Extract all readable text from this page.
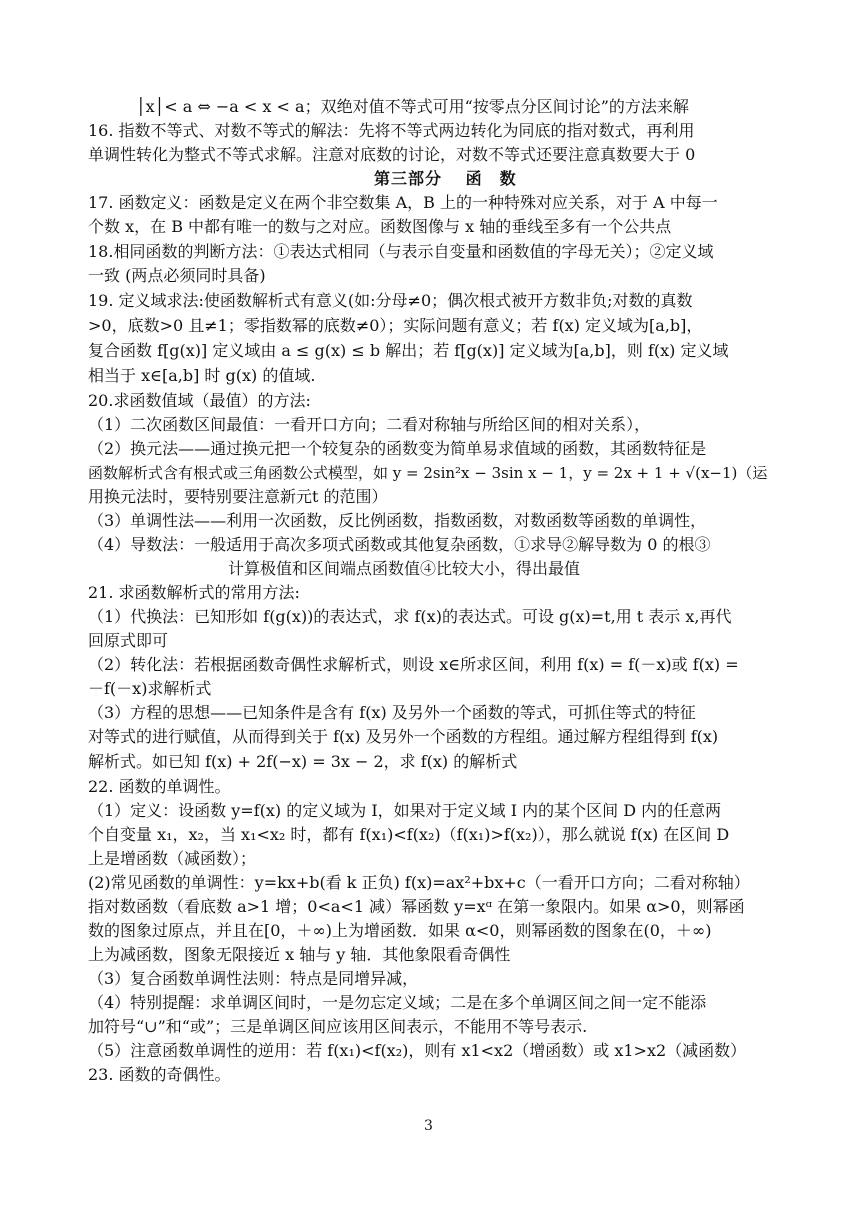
│x│< a ⇔ −a < x < a；双绝对值不等式可用“按零点分区间讨论”的方法来解
16. 指数不等式、对数不等式的解法：先将不等式两边转化为同底的指对数式，再利用
单调性转化为整式不等式求解。注意对底数的讨论，对数不等式还要注意真数要大于 0
第三部分　 函　数
17. 函数定义：函数是定义在两个非空数集 A，B 上的一种特殊对应关系，对于 A 中每一
个数 x，在 B 中都有唯一的数与之对应。函数图像与 x 轴的垂线至多有一个公共点
18.相同函数的判断方法：①表达式相同（与表示自变量和函数值的字母无关）；②定义域
一致 (两点必须同时具备)
19. 定义域求法:使函数解析式有意义(如:分母≠0；偶次根式被开方数非负;对数的真数
>0，底数>0 且≠1；零指数幂的底数≠0）；实际问题有意义；若 f(x) 定义域为[a,b]，
复合函数 f[g(x)] 定义域由 a ≤ g(x) ≤ b 解出；若 f[g(x)] 定义域为[a,b]，则 f(x) 定义域
相当于 x∈[a,b] 时 g(x) 的值域.
20.求函数值域（最值）的方法:
（1）二次函数区间最值：一看开口方向；二看对称轴与所给区间的相对关系），
（2）换元法——通过换元把一个较复杂的函数变为简单易求值域的函数，其函数特征是
函数解析式含有根式或三角函数公式模型，如 y = 2sin²x − 3sin x − 1，y = 2x + 1 + √(x−1)（运
用换元法时，要特别要注意新元t 的范围）
（3）单调性法——利用一次函数，反比例函数，指数函数，对数函数等函数的单调性，
（4）导数法：一般适用于高次多项式函数或其他复杂函数，①求导②解导数为 0 的根③
计算极值和区间端点函数值④比较大小，得出最值
21. 求函数解析式的常用方法:
（1）代换法：已知形如 f(g(x))的表达式，求 f(x)的表达式。可设 g(x)=t,用 t 表示 x,再代
回原式即可
（2）转化法：若根据函数奇偶性求解析式，则设 x∈所求区间，利用 f(x) = f(－x)或 f(x) =
－f(－x)求解析式
（3）方程的思想——已知条件是含有 f(x) 及另外一个函数的等式，可抓住等式的特征
对等式的进行赋值，从而得到关于 f(x) 及另外一个函数的方程组。通过解方程组得到 f(x)
解析式。如已知 f(x) + 2f(−x) = 3x − 2，求 f(x) 的解析式
22. 函数的单调性。
（1）定义：设函数 y=f(x) 的定义域为 I，如果对于定义域 I 内的某个区间 D 内的任意两
个自变量 x₁，x₂，当 x₁<x₂ 时，都有 f(x₁)<f(x₂)（f(x₁)>f(x₂)），那么就说 f(x) 在区间 D
上是增函数（减函数）；
(2)常见函数的单调性：y=kx+b(看 k 正负) f(x)=ax²+bx+c（一看开口方向；二看对称轴）
指对数函数（看底数 a>1 增；0<a<1 减）幂函数 y=xᵅ 在第一象限内。如果 α>0，则幂函
数的图象过原点，并且在[0，＋∞)上为增函数．如果 α<0，则幂函数的图象在(0，＋∞)
上为减函数，图象无限接近 x 轴与 y 轴．其他象限看奇偶性
（3）复合函数单调性法则：特点是同增异减，
（4）特别提醒：求单调区间时，一是勿忘定义域；二是在多个单调区间之间一定不能添
加符号“∪”和“或”；三是单调区间应该用区间表示，不能用不等号表示.
（5）注意函数单调性的逆用：若 f(x₁)<f(x₂)，则有 x1<x2（增函数）或 x1>x2（减函数）
23. 函数的奇偶性。
3
